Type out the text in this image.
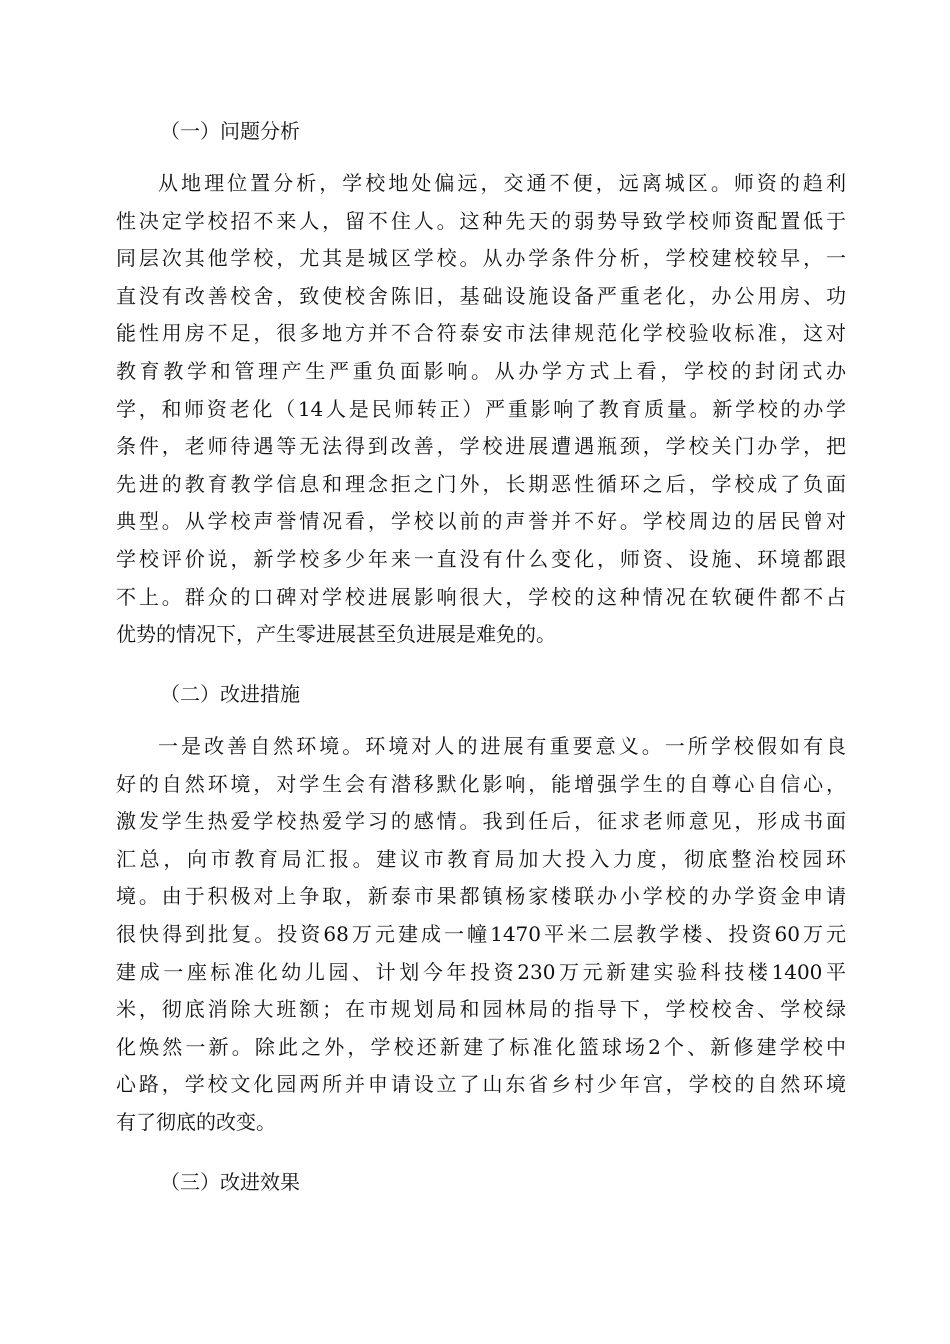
（一）问题分析
从地理位置分析，学校地处偏远，交通不便，远离城区。师资的趋利
性决定学校招不来人，留不住人。这种先天的弱势导致学校师资配置低于
同层次其他学校，尤其是城区学校。从办学条件分析，学校建校较早，一
直没有改善校舍，致使校舍陈旧，基础设施设备严重老化，办公用房、功
能性用房不足，很多地方并不合符泰安市法律规范化学校验收标准，这对
教育教学和管理产生严重负面影响。从办学方式上看，学校的封闭式办
学，和师资老化（14人是民师转正）严重影响了教育质量。新学校的办学
条件，老师待遇等无法得到改善，学校进展遭遇瓶颈，学校关门办学，把
先进的教育教学信息和理念拒之门外，长期恶性循环之后，学校成了负面
典型。从学校声誉情况看，学校以前的声誉并不好。学校周边的居民曾对
学校评价说，新学校多少年来一直没有什么变化，师资、设施、环境都跟
不上。群众的口碑对学校进展影响很大，学校的这种情况在软硬件都不占
优势的情况下，产生零进展甚至负进展是难免的。
（二）改进措施
一是改善自然环境。环境对人的进展有重要意义。一所学校假如有良
好的自然环境，对学生会有潜移默化影响，能增强学生的自尊心自信心，
激发学生热爱学校热爱学习的感情。我到任后，征求老师意见，形成书面
汇总，向市教育局汇报。建议市教育局加大投入力度，彻底整治校园环
境。由于积极对上争取，新泰市果都镇杨家楼联办小学校的办学资金申请
很快得到批复。投资68万元建成一幢1470平米二层教学楼、投资60万元
建成一座标准化幼儿园、计划今年投资230万元新建实验科技楼1400平
米，彻底消除大班额；在市规划局和园林局的指导下，学校校舍、学校绿
化焕然一新。除此之外，学校还新建了标准化篮球场2个、新修建学校中
心路，学校文化园两所并申请设立了山东省乡村少年宫，学校的自然环境
有了彻底的改变。
（三）改进效果
